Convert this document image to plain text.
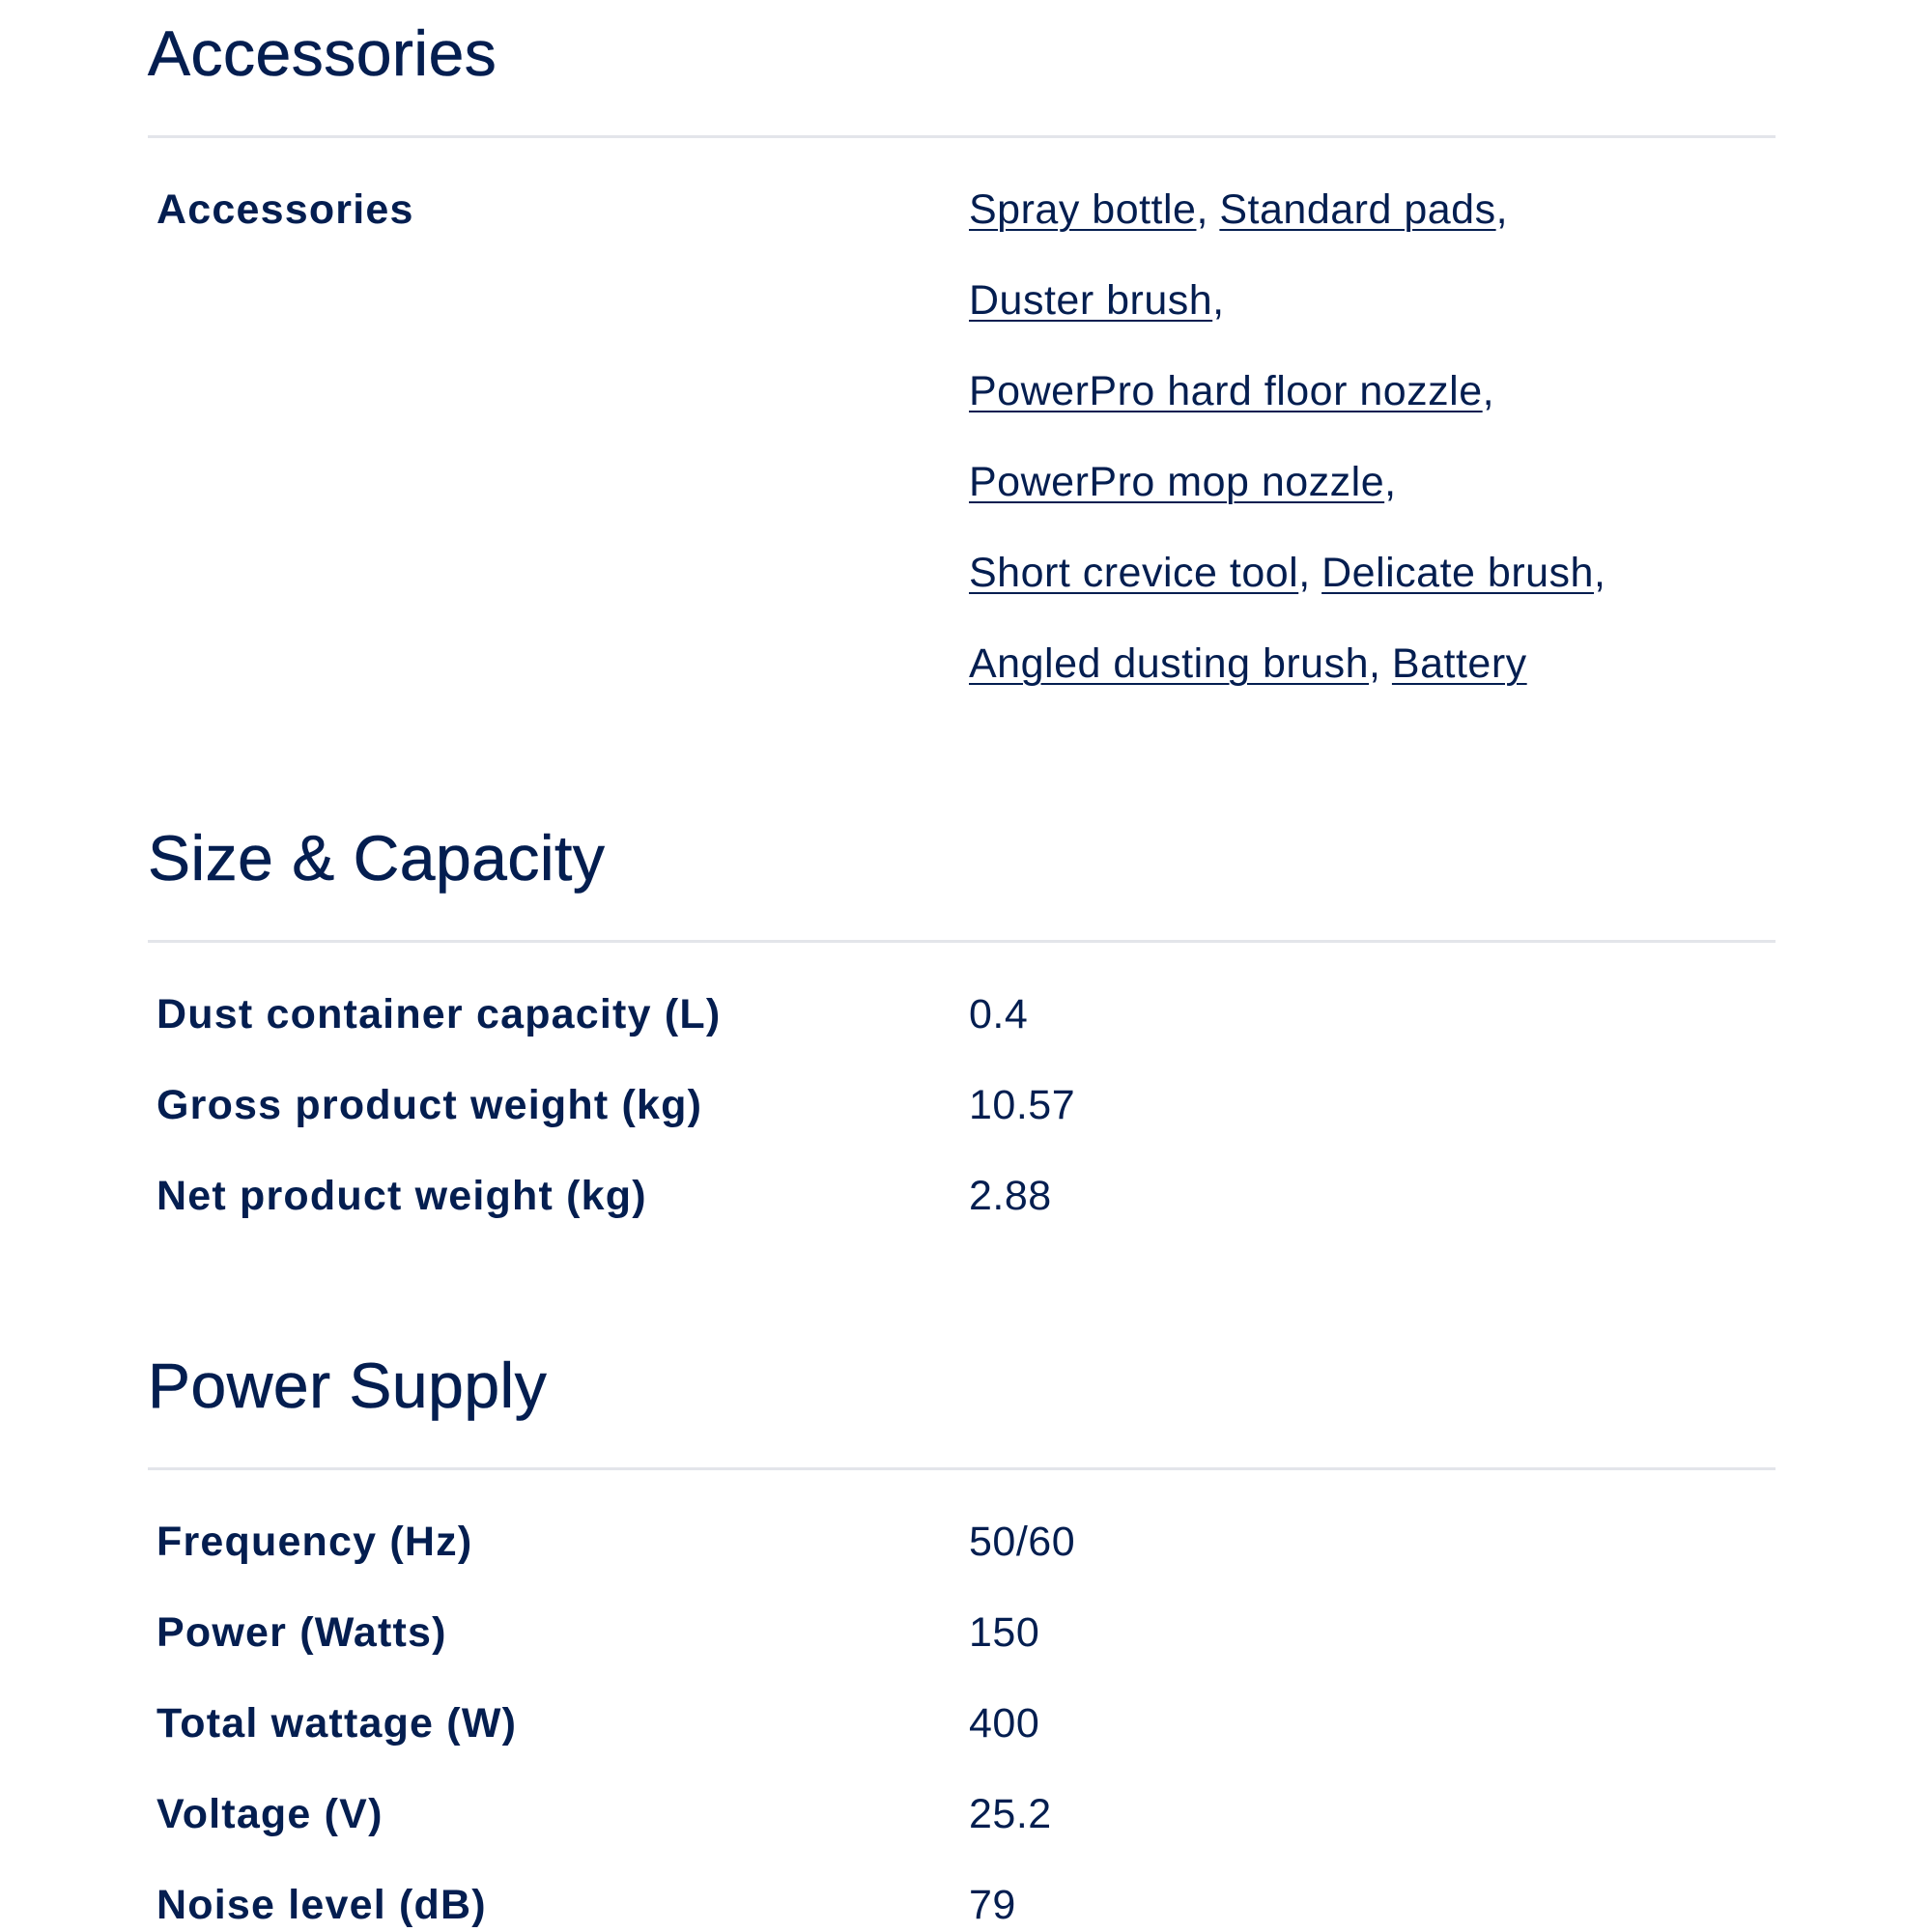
Accessories
Accessories	Spray bottle, Standard pads,
Duster brush,
PowerPro hard floor nozzle,
PowerPro mop nozzle,
Short crevice tool, Delicate brush,
Angled dusting brush, Battery
Size & Capacity
Dust container capacity (L)	0.4
Gross product weight (kg)	10.57
Net product weight (kg)	2.88
Power Supply
Frequency (Hz)	50/60
Power (Watts)	150
Total wattage (W)	400
Voltage (V)	25.2
Noise level (dB)	79
